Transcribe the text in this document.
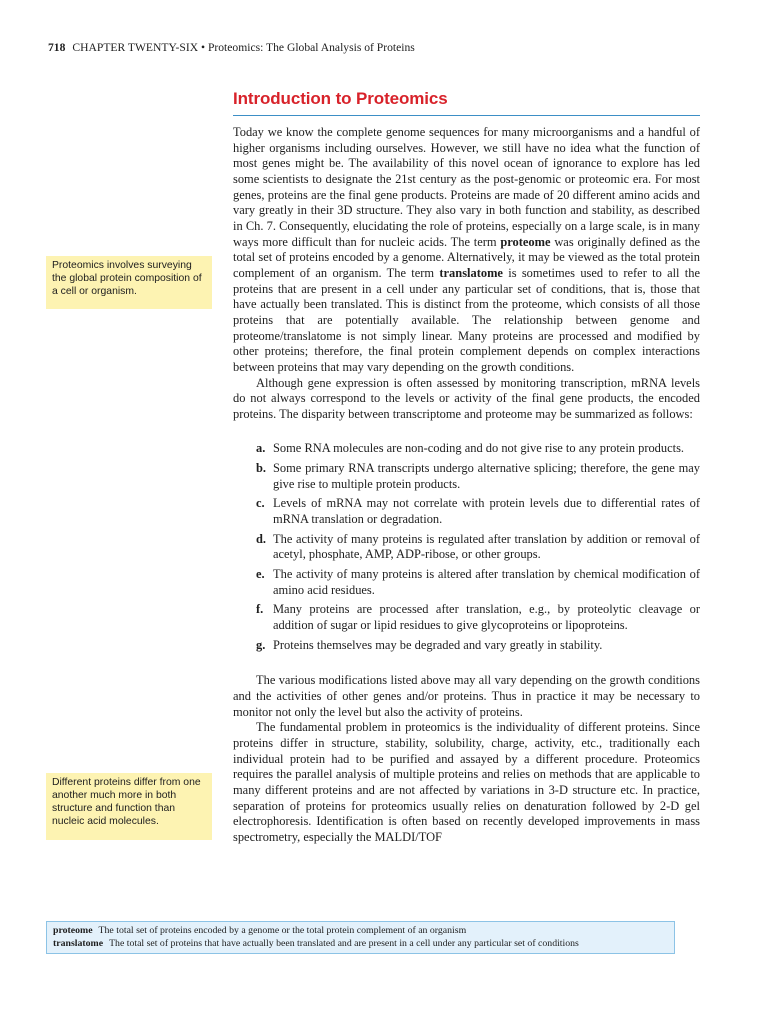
718 CHAPTER TWENTY-SIX • Proteomics: The Global Analysis of Proteins
Introduction to Proteomics

Today we know the complete genome sequences for many microorganisms and a handful of higher organisms including ourselves. However, we still have no idea what the function of most genes might be. The availability of this novel ocean of ignorance to explore has led some scientists to designate the 21st century as the post-genomic or proteomic era. For most genes, proteins are the final gene products. Proteins are made of 20 different amino acids and vary greatly in their 3D structure. They also vary in both function and stability, as described in Ch. 7. Consequently, elucidating the role of proteins, especially on a large scale, is in many ways more difficult than for nucleic acids. The term proteome was originally defined as the total set of proteins encoded by a genome. Alternatively, it may be viewed as the total protein complement of an organism. The term translatome is sometimes used to refer to all the proteins that are present in a cell under any particular set of conditions, that is, those that have actually been translated. This is distinct from the proteome, which consists of all those proteins that are potentially available. The relationship between genome and proteome/translatome is not simply linear. Many proteins are processed and modified by other proteins; therefore, the final protein complement depends on complex interactions between proteins that may vary depending on the growth conditions.

Although gene expression is often assessed by monitoring transcription, mRNA levels do not always correspond to the levels or activity of the final gene products, the encoded proteins. The disparity between transcriptome and proteome may be summarized as follows:

a. Some RNA molecules are non-coding and do not give rise to any protein products.
b. Some primary RNA transcripts undergo alternative splicing; therefore, the gene may give rise to multiple protein products.
c. Levels of mRNA may not correlate with protein levels due to differential rates of mRNA translation or degradation.
d. The activity of many proteins is regulated after translation by addition or removal of acetyl, phosphate, AMP, ADP-ribose, or other groups.
e. The activity of many proteins is altered after translation by chemical modification of amino acid residues.
f. Many proteins are processed after translation, e.g., by proteolytic cleavage or addition of sugar or lipid residues to give glycoproteins or lipoproteins.
g. Proteins themselves may be degraded and vary greatly in stability.

The various modifications listed above may all vary depending on the growth conditions and the activities of other genes and/or proteins. Thus in practice it may be necessary to monitor not only the level but also the activity of proteins.

The fundamental problem in proteomics is the individuality of different proteins. Since proteins differ in structure, stability, solubility, charge, activity, etc., traditionally each individual protein had to be purified and assayed by a different procedure. Proteomics requires the parallel analysis of multiple proteins and relies on methods that are applicable to many different proteins and are not affected by variations in 3-D structure etc. In practice, separation of proteins for proteomics usually relies on denaturation followed by 2-D gel electrophoresis. Identification is often based on recently developed improvements in mass spectrometry, especially the MALDI/TOF

Proteomics involves surveying the global protein composition of a cell or organism.
Different proteins differ from one another much more in both structure and function than nucleic acid molecules.
proteome The total set of proteins encoded by a genome or the total protein complement of an organism
translatome The total set of proteins that have actually been translated and are present in a cell under any particular set of conditions
